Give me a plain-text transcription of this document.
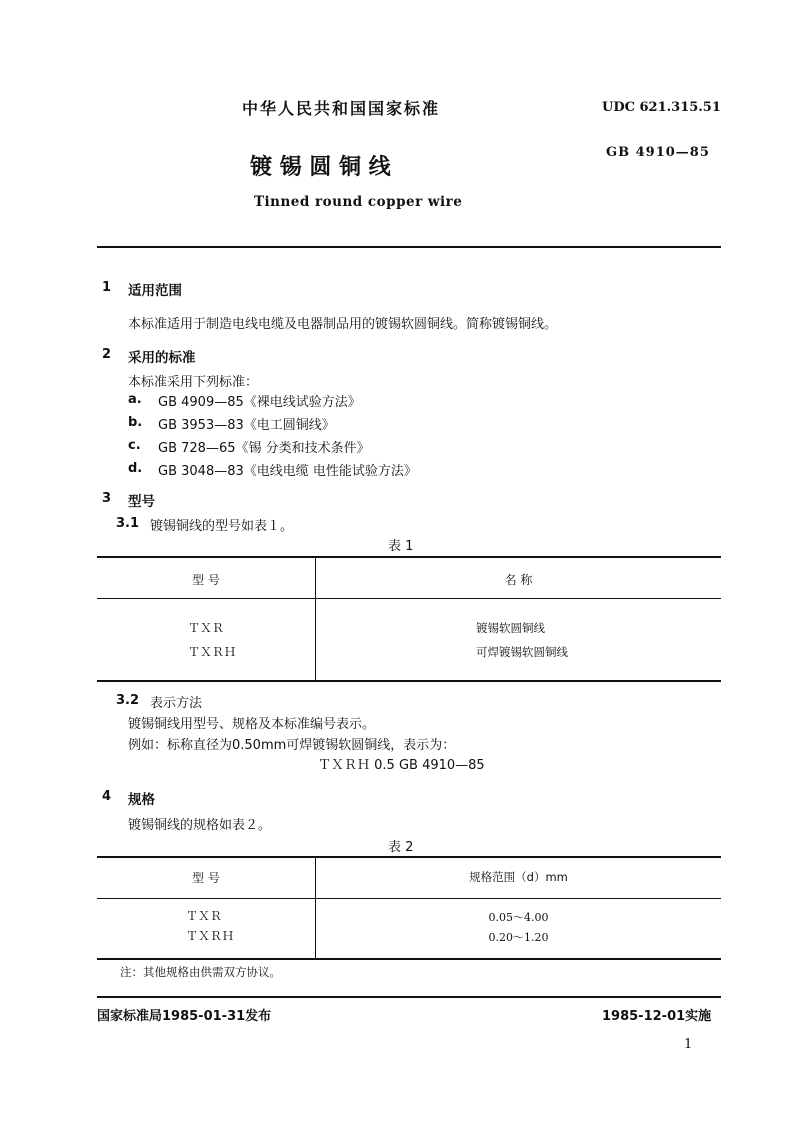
中华人民共和国国家标准	UDC 621.315.51
GB 4910—85
镀 锡 圆 铜 线
Tinned round copper wire
1 适用范围
本标准适用于制造电线电缆及电器制品用的镀锡软圆铜线。简称镀锡铜线。
2 采用的标准
本标准采用下列标准：
a. GB 4909—85《裸电线试验方法》
b. GB 3953—83《电工圆铜线》
c. GB 728—65《锡 分类和技术条件》
d. GB 3048—83《电线电缆 电性能试验方法》
3 型号
3.1 镀锡铜线的型号如表１。
表 1
型 号	名 称
ＴＸＲ	镀锡软圆铜线
ＴＸＲＨ	可焊镀锡软圆铜线
3.2 表示方法
镀锡铜线用型号、规格及本标准编号表示。
例如：标称直径为0.50mm可焊镀锡软圆铜线，表示为：
ＴＸＲＨ 0.5 GB 4910—85
4 规格
镀锡铜线的规格如表２。
表 2
型 号	规格范围（d）mm
ＴＸＲ	0.05～4.00
ＴＸＲＨ	0.20～1.20
注：其他规格由供需双方协议。
国家标准局1985-01-31发布	1985-12-01实施
1
